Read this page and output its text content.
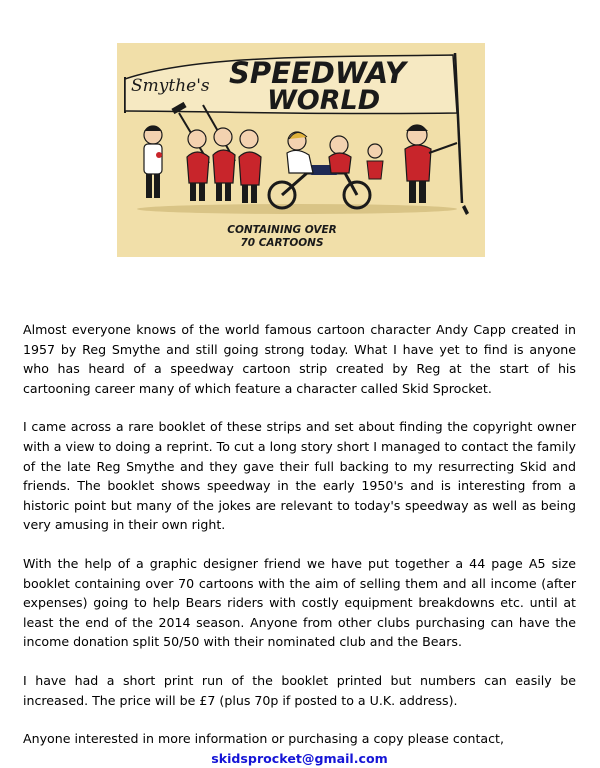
Smythe's SPEEDWAY
WORLD
CONTAINING OVER
70 CARTOONS

Almost everyone knows of the world famous cartoon character Andy Capp created in 1957 by Reg Smythe and still going strong today. What I have yet to find is anyone who has heard of a speedway cartoon strip created by Reg at the start of his cartooning career many of which feature a character called Skid Sprocket.

I came across a rare booklet of these strips and set about finding the copyright owner with a view to doing a reprint. To cut a long story short I managed to contact the family of the late Reg Smythe and they gave their full backing to my resurrecting Skid and friends. The booklet shows speedway in the early 1950's and is interesting from a historic point but many of the jokes are relevant to today's speedway as well as being very amusing in their own right.

With the help of a graphic designer friend we have put together a 44 page A5 size booklet containing over 70 cartoons with the aim of selling them and all income (after expenses) going to help Bears riders with costly equipment breakdowns etc. until at least the end of the 2014 season. Anyone from other clubs purchasing can have the income donation split 50/50 with their nominated club and the Bears.

I have had a short print run of the booklet printed but numbers can easily be increased. The price will be £7 (plus 70p if posted to a U.K. address).

Anyone interested in more information or purchasing a copy please contact,

skidsprocket@gmail.com
